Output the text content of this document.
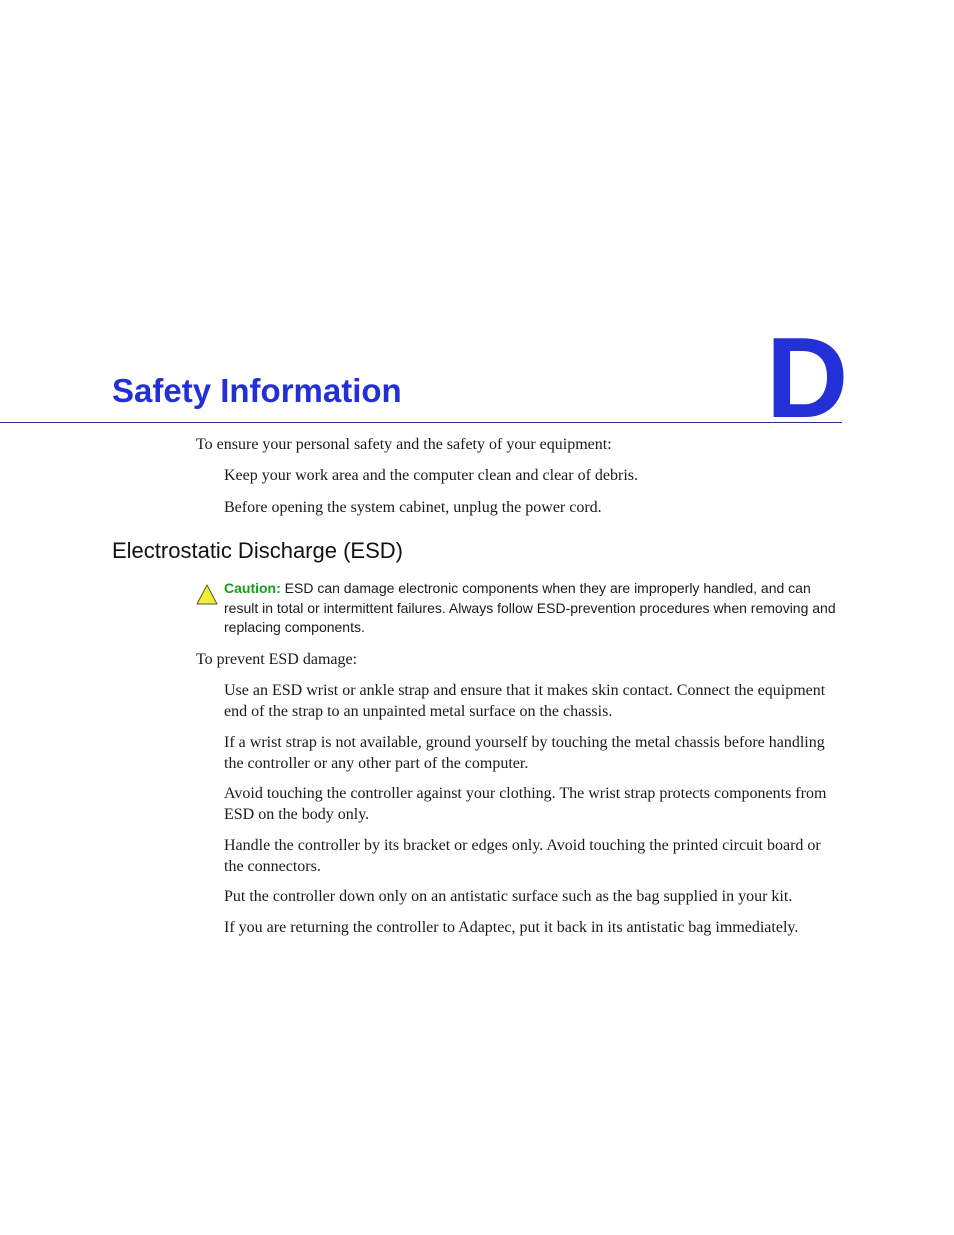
D
Safety Information

To ensure your personal safety and the safety of your equipment:

Keep your work area and the computer clean and clear of debris.

Before opening the system cabinet, unplug the power cord.

Electrostatic Discharge (ESD)

Caution: ESD can damage electronic components when they are improperly handled, and can result in total or intermittent failures. Always follow ESD-prevention procedures when removing and replacing components.

To prevent ESD damage:

Use an ESD wrist or ankle strap and ensure that it makes skin contact. Connect the equipment end of the strap to an unpainted metal surface on the chassis.

If a wrist strap is not available, ground yourself by touching the metal chassis before handling the controller or any other part of the computer.

Avoid touching the controller against your clothing. The wrist strap protects components from ESD on the body only.

Handle the controller by its bracket or edges only. Avoid touching the printed circuit board or the connectors.

Put the controller down only on an antistatic surface such as the bag supplied in your kit.

If you are returning the controller to Adaptec, put it back in its antistatic bag immediately.
